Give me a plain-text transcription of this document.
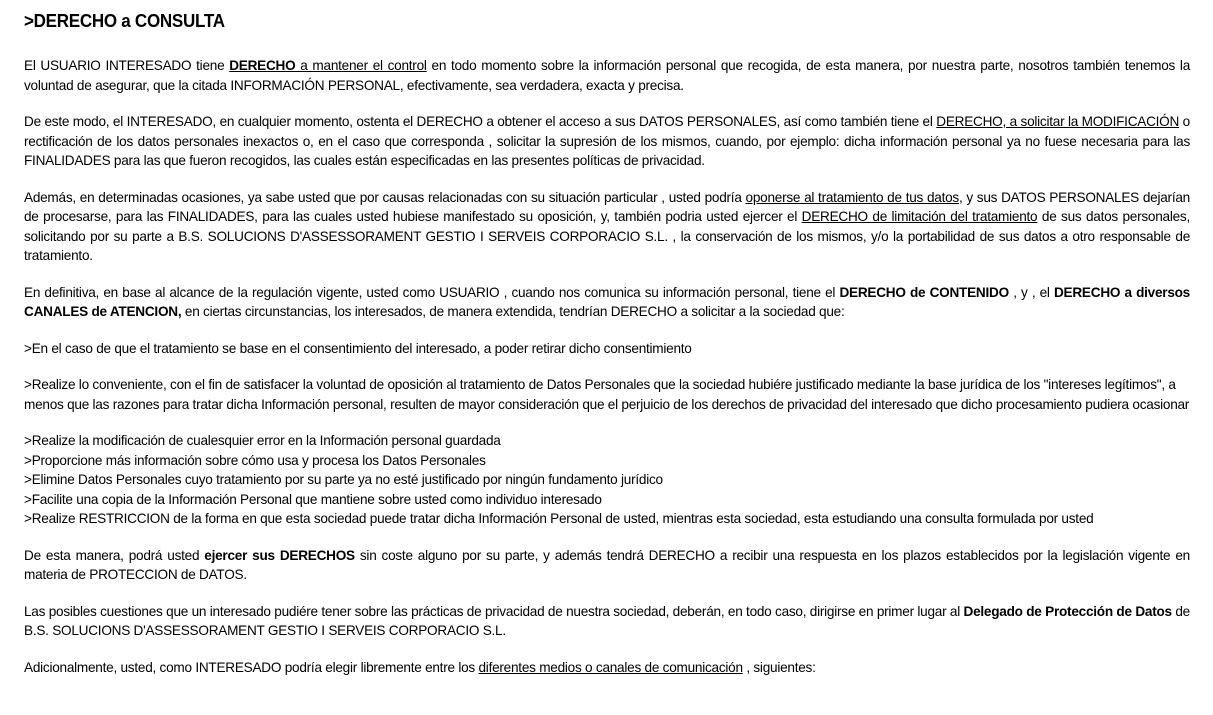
>DERECHO a CONSULTA

El USUARIO INTERESADO tiene DERECHO a mantener el control en todo momento sobre la información personal que recogida, de esta manera, por nuestra parte, nosotros también tenemos la voluntad de asegurar, que la citada INFORMACIÓN PERSONAL, efectivamente, sea verdadera, exacta y precisa.

De este modo, el INTERESADO, en cualquier momento, ostenta el DERECHO a obtener el acceso a sus DATOS PERSONALES, así como también tiene el DERECHO, a solicitar la MODIFICACIÓN o rectificación de los datos personales inexactos o, en el caso que corresponda , solicitar la supresión de los mismos, cuando, por ejemplo: dicha información personal ya no fuese necesaria para las FINALIDADES para las que fueron recogidos, las cuales están especificadas en las presentes políticas de privacidad.

Además, en determinadas ocasiones, ya sabe usted que por causas relacionadas con su situación particular , usted podría oponerse al tratamiento de tus datos, y sus DATOS PERSONALES dejarían de procesarse, para las FINALIDADES, para las cuales usted hubiese manifestado su oposición, y, también podria usted ejercer el DERECHO de limitación del tratamiento de sus datos personales, solicitando por su parte a B.S. SOLUCIONS D'ASSESSORAMENT GESTIO I SERVEIS CORPORACIO S.L. , la conservación de los mismos, y/o la portabilidad de sus datos a otro responsable de tratamiento.

En definitiva, en base al alcance de la regulación vigente, usted como USUARIO , cuando nos comunica su información personal, tiene el DERECHO de CONTENIDO , y , el DERECHO a diversos CANALES de ATENCION, en ciertas circunstancias, los interesados, de manera extendida, tendrían DERECHO a solicitar a la sociedad que:

>En el caso de que el tratamiento se base en el consentimiento del interesado, a poder retirar dicho consentimiento

>Realize lo conveniente, con el fin de satisfacer la voluntad de oposición al tratamiento de Datos Personales que la sociedad hubiére justificado mediante la base jurídica de los "intereses legítimos", a menos que las razones para tratar dicha Información personal, resulten de mayor consideración que el perjuicio de los derechos de privacidad del interesado que dicho procesamiento pudiera ocasionar

>Realize la modificación de cualesquier error en la Información personal guardada
>Proporcione más información sobre cómo usa y procesa los Datos Personales
>Elimine Datos Personales cuyo tratamiento por su parte ya no esté justificado por ningún fundamento jurídico
>Facilite una copia de la Información Personal que mantiene sobre usted como individuo interesado
>Realize RESTRICCION de la forma en que esta sociedad puede tratar dicha Información Personal de usted, mientras esta sociedad, esta estudiando una consulta formulada por usted

De esta manera, podrá usted ejercer sus DERECHOS sin coste alguno por su parte, y además tendrá DERECHO a recibir una respuesta en los plazos establecidos por la legislación vigente en materia de PROTECCION de DATOS.

Las posibles cuestiones que un interesado pudiére tener sobre las prácticas de privacidad de nuestra sociedad, deberán, en todo caso, dirigirse en primer lugar al Delegado de Protección de Datos de B.S. SOLUCIONS D'ASSESSORAMENT GESTIO I SERVEIS CORPORACIO S.L.

Adicionalmente, usted, como INTERESADO podría elegir libremente entre los diferentes medios o canales de comunicación , siguientes:
